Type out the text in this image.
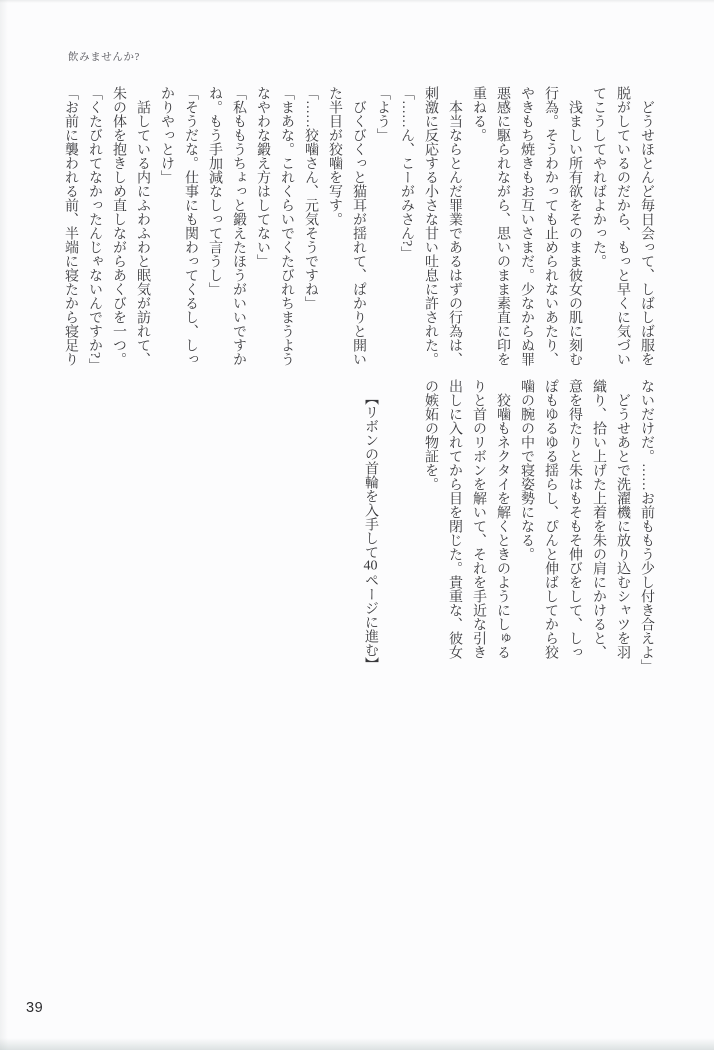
飲みませんか?
　どうせほとんど毎日会って、しばしば服を
脱がしているのだから、もっと早くに気づい
てこうしてやればよかった。
　浅ましい所有欲をそのまま彼女の肌に刻む
行為。そうわかっても止められないあたり、
やきもち焼きもお互いさまだ。少なからぬ罪
悪感に駆られながら、思いのまま素直に印を
重ねる。
　本当ならとんだ罪業であるはずの行為は、
刺激に反応する小さな甘い吐息に許された。
「……ん、こーがみさん?」
「よう」
　びくびくっと猫耳が揺れて、ぱかりと開い
た半目が狡噛を写す。
「……狡噛さん、元気そうですね」
「まあな。これくらいでくたびれちまうよう
なやわな鍛え方はしてない」
「私ももうちょっと鍛えたほうがいいですか
ね。もう手加減なしって言うし」
「そうだな。仕事にも関わってくるし、しっ
かりやっとけ」
　話している内にふわふわと眠気が訪れて、
朱の体を抱きしめ直しながらあくびを一つ。
「くたびれてなかったんじゃないんですか?」
「お前に襲われる前、半端に寝たから寝足り
ないだけだ。……お前ももう少し付き合えよ」
　どうせあとで洗濯機に放り込むシャツを羽
織り、拾い上げた上着を朱の肩にかけると、
意を得たりと朱はもそもそ伸びをして、しっ
ぽもゆるゆる揺らし、ぴんと伸ばしてから狡
噛の腕の中で寝姿勢になる。
　狡噛もネクタイを解くときのようにしゅる
りと首のリボンを解いて、それを手近な引き
出しに入れてから目を閉じた。貴重な、彼女
の嫉妬の物証を。
【リボンの首輪を入手して40ページに進む】
39
